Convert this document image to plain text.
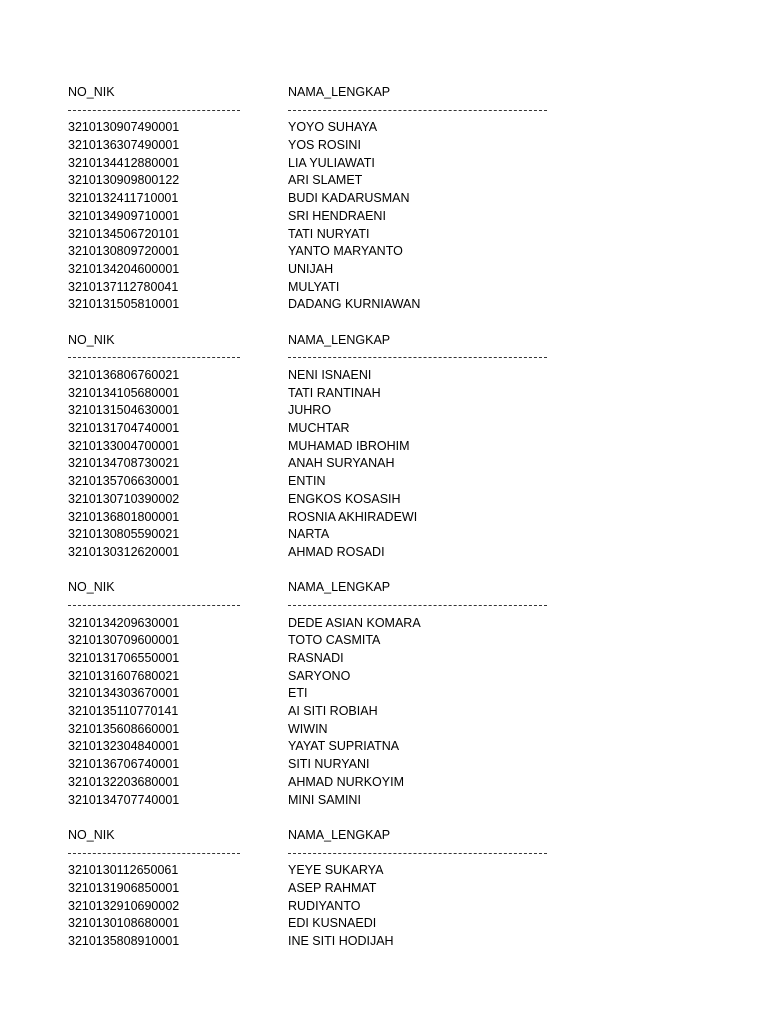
NO_NIK	NAMA_LENGKAP
3210130907490001	YOYO SUHAYA
3210136307490001	YOS ROSINI
3210134412880001	LIA YULIAWATI
3210130909800122	ARI SLAMET
3210132411710001	BUDI KADARUSMAN
3210134909710001	SRI HENDRAENI
3210134506720101	TATI NURYATI
3210130809720001	YANTO MARYANTO
3210134204600001	UNIJAH
3210137112780041	MULYATI
3210131505810001	DADANG KURNIAWAN
NO_NIK	NAMA_LENGKAP
3210136806760021	NENI ISNAENI
3210134105680001	TATI RANTINAH
3210131504630001	JUHRO
3210131704740001	MUCHTAR
3210133004700001	MUHAMAD IBROHIM
3210134708730021	ANAH SURYANAH
3210135706630001	ENTIN
3210130710390002	ENGKOS KOSASIH
3210136801800001	ROSNIA AKHIRADEWI
3210130805590021	NARTA
3210130312620001	AHMAD ROSADI
NO_NIK	NAMA_LENGKAP
3210134209630001	DEDE ASIAN KOMARA
3210130709600001	TOTO CASMITA
3210131706550001	RASNADI
3210131607680021	SARYONO
3210134303670001	ETI
3210135110770141	AI SITI ROBIAH
3210135608660001	WIWIN
3210132304840001	YAYAT SUPRIATNA
3210136706740001	SITI NURYANI
3210132203680001	AHMAD NURKOYIM
3210134707740001	MINI SAMINI
NO_NIK	NAMA_LENGKAP
3210130112650061	YEYE SUKARYA
3210131906850001	ASEP RAHMAT
3210132910690002	RUDIYANTO
3210130108680001	EDI KUSNAEDI
3210135808910001	INE SITI HODIJAH
